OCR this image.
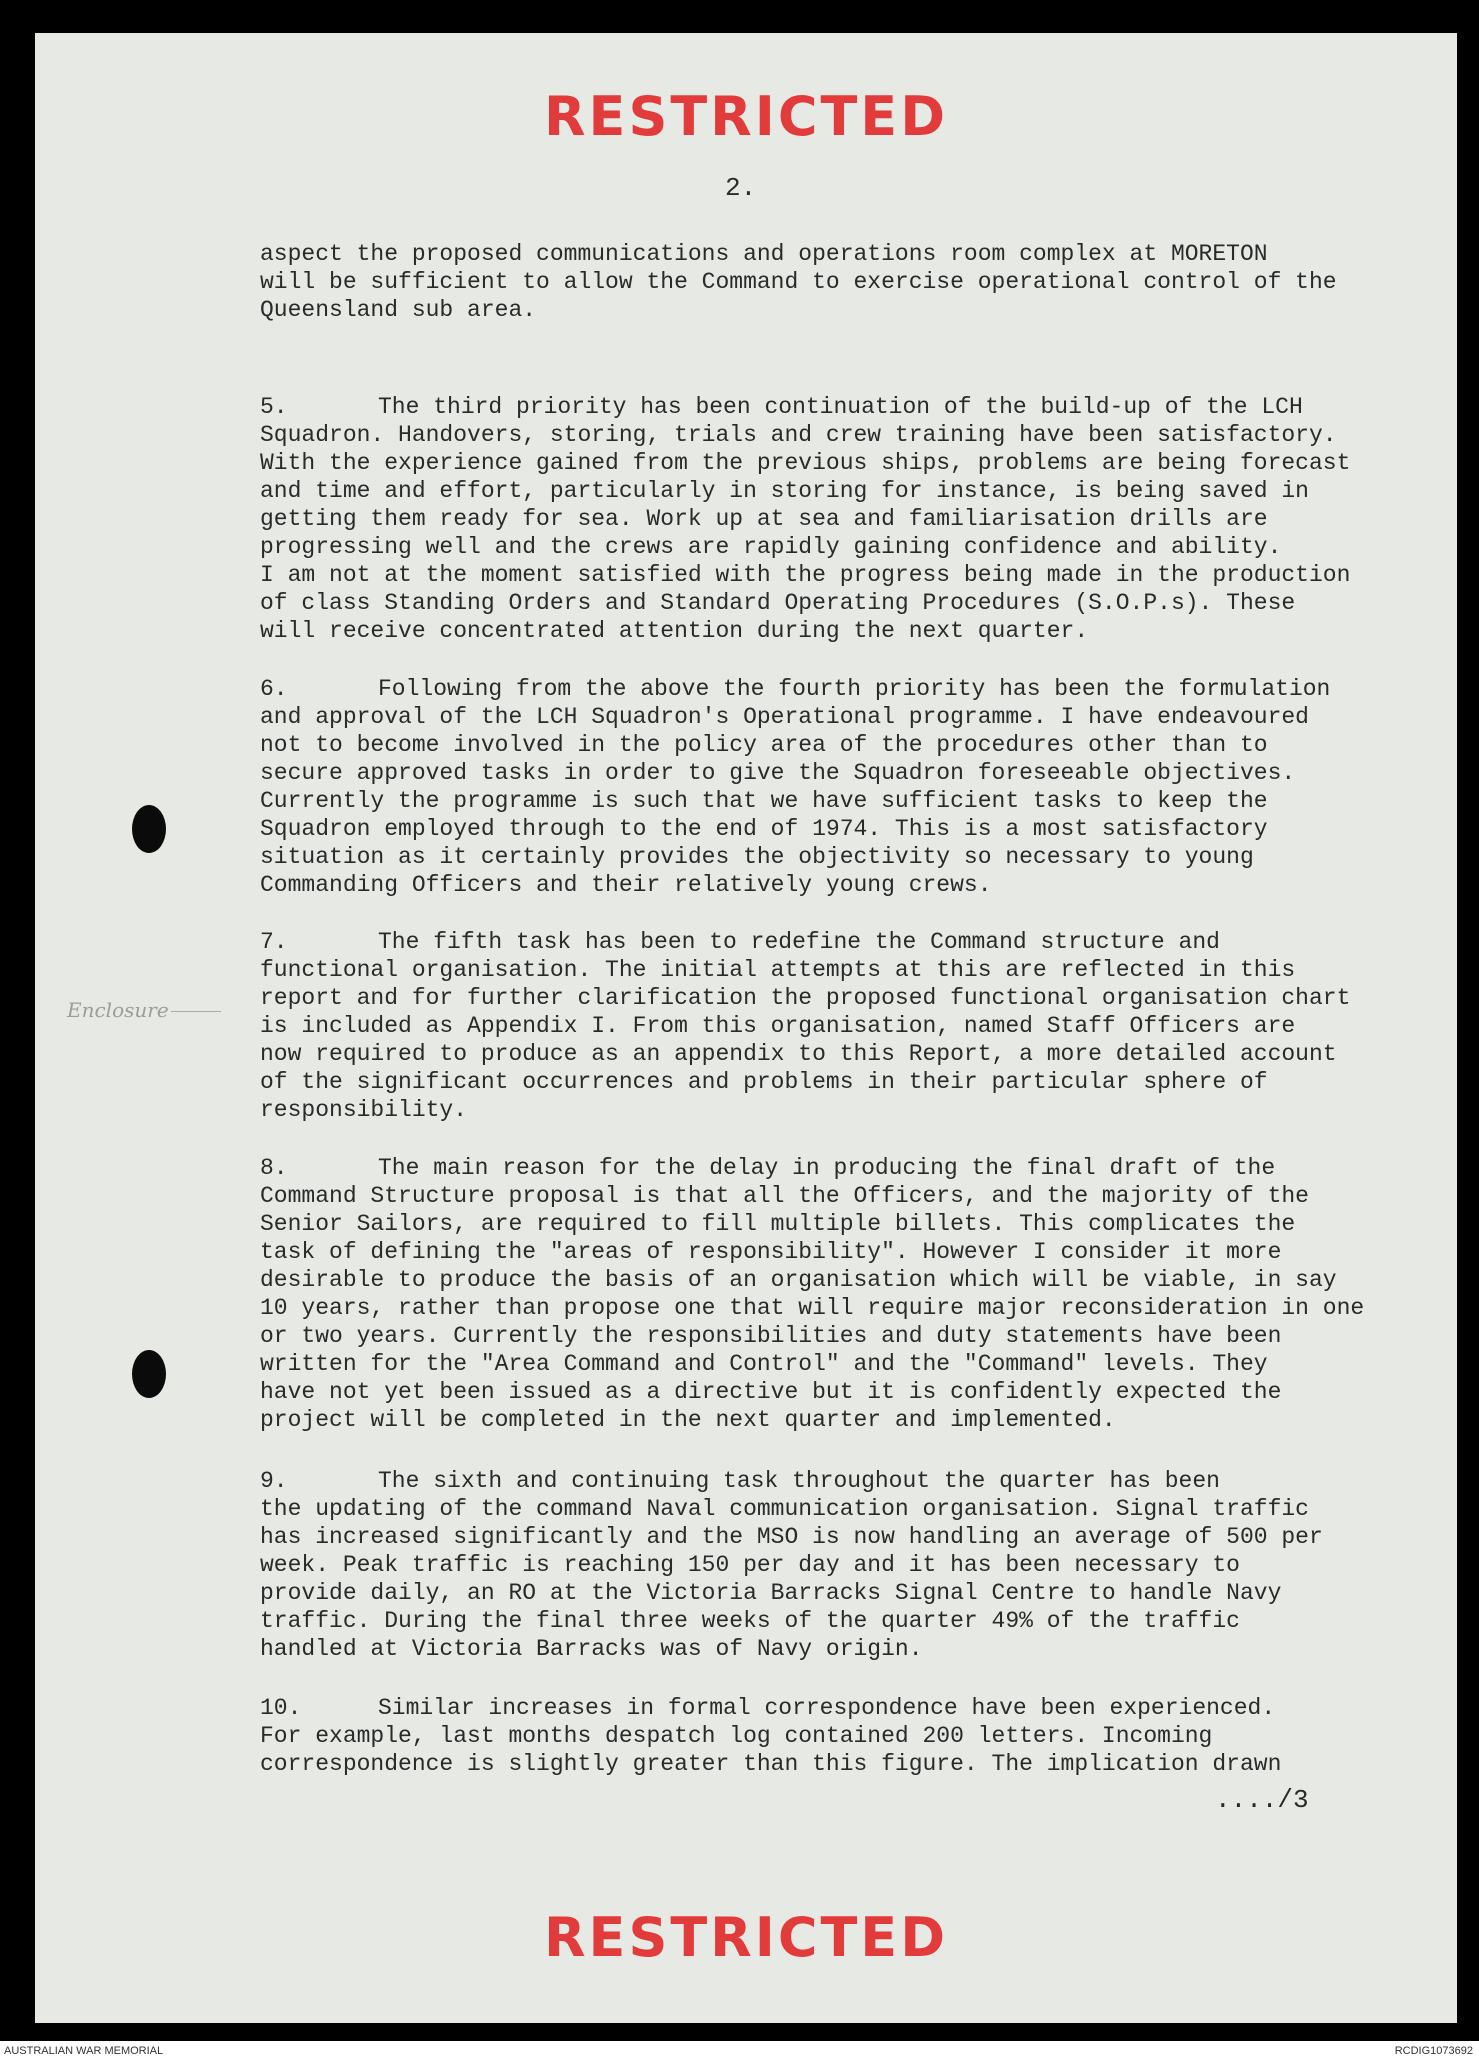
RESTRICTED
2.
aspect the proposed communications and operations room complex at MORETON
will be sufficient to allow the Command to exercise operational control of the
Queensland sub area.
5.	The third priority has been continuation of the build-up of the LCH
Squadron. Handovers, storing, trials and crew training have been satisfactory.
With the experience gained from the previous ships, problems are being forecast
and time and effort, particularly in storing for instance, is being saved in
getting them ready for sea. Work up at sea and familiarisation drills are
progressing well and the crews are rapidly gaining confidence and ability.
I am not at the moment satisfied with the progress being made in the production
of class Standing Orders and Standard Operating Procedures (S.O.P.s). These
will receive concentrated attention during the next quarter.
6.	Following from the above the fourth priority has been the formulation
and approval of the LCH Squadron's Operational programme. I have endeavoured
not to become involved in the policy area of the procedures other than to
secure approved tasks in order to give the Squadron foreseeable objectives.
Currently the programme is such that we have sufficient tasks to keep the
Squadron employed through to the end of 1974. This is a most satisfactory
situation as it certainly provides the objectivity so necessary to young
Commanding Officers and their relatively young crews.
7.	The fifth task has been to redefine the Command structure and
functional organisation. The initial attempts at this are reflected in this
report and for further clarification the proposed functional organisation chart
is included as Appendix I. From this organisation, named Staff Officers are
now required to produce as an appendix to this Report, a more detailed account
of the significant occurrences and problems in their particular sphere of
responsibility.
8.	The main reason for the delay in producing the final draft of the
Command Structure proposal is that all the Officers, and the majority of the
Senior Sailors, are required to fill multiple billets. This complicates the
task of defining the "areas of responsibility". However I consider it more
desirable to produce the basis of an organisation which will be viable, in say
10 years, rather than propose one that will require major reconsideration in one
or two years. Currently the responsibilities and duty statements have been
written for the "Area Command and Control" and the "Command" levels. They
have not yet been issued as a directive but it is confidently expected the
project will be completed in the next quarter and implemented.
9.	The sixth and continuing task throughout the quarter has been
the updating of the command Naval communication organisation. Signal traffic
has increased significantly and the MSO is now handling an average of 500 per
week. Peak traffic is reaching 150 per day and it has been necessary to
provide daily, an RO at the Victoria Barracks Signal Centre to handle Navy
traffic. During the final three weeks of the quarter 49% of the traffic
handled at Victoria Barracks was of Navy origin.
10.	Similar increases in formal correspondence have been experienced.
For example, last months despatch log contained 200 letters. Incoming
correspondence is slightly greater than this figure. The implication drawn
..../3
Enclosure
RESTRICTED
AUSTRALIAN WAR MEMORIAL	RCDIG1073692
